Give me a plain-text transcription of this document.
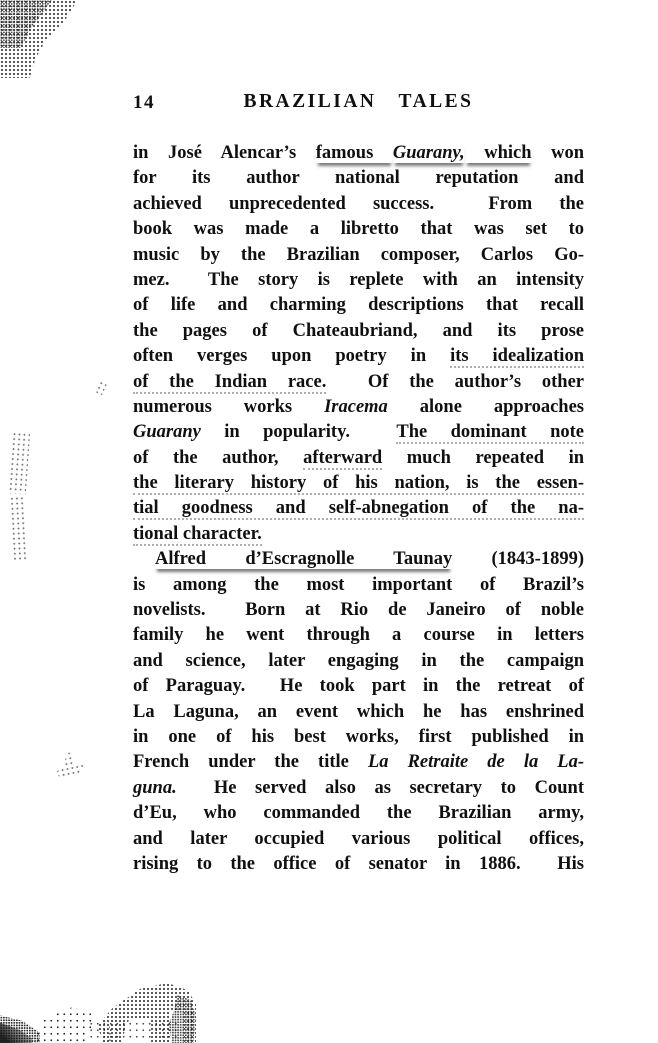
14	BRAZILIAN TALES
in José Alencar’s famous Guarany, which won
for its author national reputation and
achieved unprecedented success.  From the
book was made a libretto that was set to
music by the Brazilian composer, Carlos Go-
mez.  The story is replete with an intensity
of life and charming descriptions that recall
the pages of Chateaubriand, and its prose
often verges upon poetry in its idealization
of the Indian race.  Of the author’s other
numerous works Iracema alone approaches
Guarany in popularity.  The dominant note
of the author, afterward much repeated in
the literary history of his nation, is the essen-
tial goodness and self-abnegation of the na-
tional character.
Alfred d’Escragnolle Taunay (1843-1899)
is among the most important of Brazil’s
novelists.  Born at Rio de Janeiro of noble
family he went through a course in letters
and science, later engaging in the campaign
of Paraguay.  He took part in the retreat of
La Laguna, an event which he has enshrined
in one of his best works, first published in
French under the title La Retraite de la La-
guna.  He served also as secretary to Count
d’Eu, who commanded the Brazilian army,
and later occupied various political offices,
rising to the office of senator in 1886.  His
